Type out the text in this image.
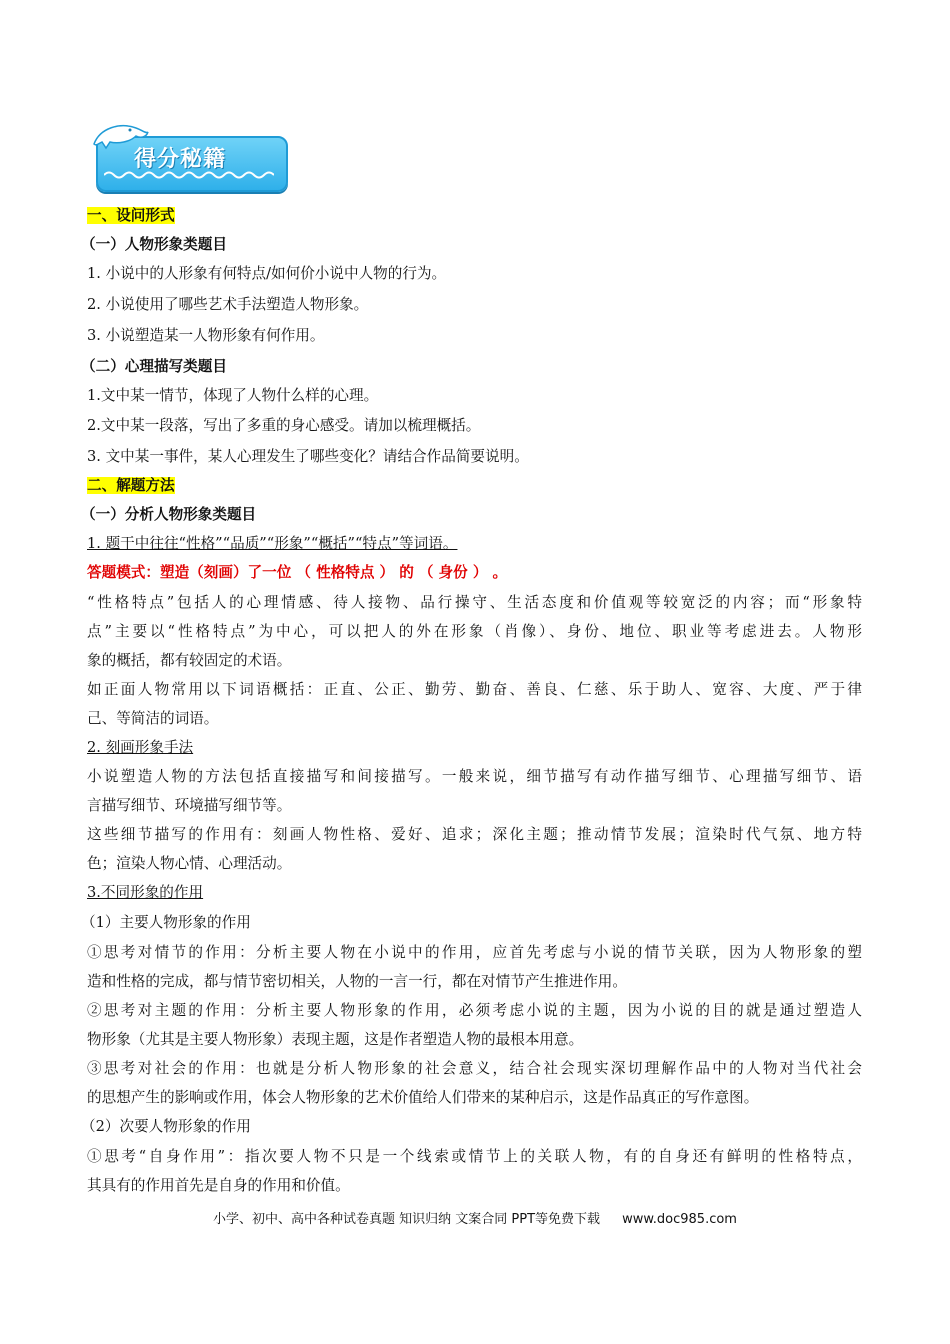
得分秘籍
一、设问形式
（一）人物形象类题目
1. 小说中的人形象有何特点/如何价小说中人物的行为。
2. 小说使用了哪些艺术手法塑造人物形象。
3. 小说塑造某一人物形象有何作用。
（二）心理描写类题目
1.文中某一情节，体现了人物什么样的心理。
2.文中某一段落，写出了多重的身心感受。请加以梳理概括。
3. 文中某一事件，某人心理发生了哪些变化？请结合作品简要说明。
二、解题方法
（一）分析人物形象类题目
1. 题干中往往“性格”“品质”“形象”“概括”“特点”等词语。
答题模式：塑造（刻画）了一位 （ 性格特点 ） 的 （ 身份 ） 。
“性格特点”包括人的心理情感、待人接物、品行操守、生活态度和价值观等较宽泛的内容；而“形象特
点”主要以“性格特点”为中心，可以把人的外在形象（肖像）、身份、地位、职业等考虑进去。人物形
象的概括，都有较固定的术语。
如正面人物常用以下词语概括：正直、公正、勤劳、勤奋、善良、仁慈、乐于助人、宽容、大度、严于律
己、等简洁的词语。
2. 刻画形象手法
小说塑造人物的方法包括直接描写和间接描写。一般来说，细节描写有动作描写细节、心理描写细节、语
言描写细节、环境描写细节等。
这些细节描写的作用有：刻画人物性格、爱好、追求；深化主题；推动情节发展；渲染时代气氛、地方特
色；渲染人物心情、心理活动。
3.不同形象的作用
（1）主要人物形象的作用
①思考对情节的作用：分析主要人物在小说中的作用，应首先考虑与小说的情节关联，因为人物形象的塑
造和性格的完成，都与情节密切相关，人物的一言一行，都在对情节产生推进作用。
②思考对主题的作用：分析主要人物形象的作用，必须考虑小说的主题，因为小说的目的就是通过塑造人
物形象（尤其是主要人物形象）表现主题，这是作者塑造人物的最根本用意。
③思考对社会的作用：也就是分析人物形象的社会意义，结合社会现实深切理解作品中的人物对当代社会
的思想产生的影响或作用，体会人物形象的艺术价值给人们带来的某种启示，这是作品真正的写作意图。
（2）次要人物形象的作用
①思考“自身作用”：指次要人物不只是一个线索或情节上的关联人物，有的自身还有鲜明的性格特点，
其具有的作用首先是自身的作用和价值。
小学、初中、高中各种试卷真题 知识归纳 文案合同 PPT等免费下载 www.doc985.com
